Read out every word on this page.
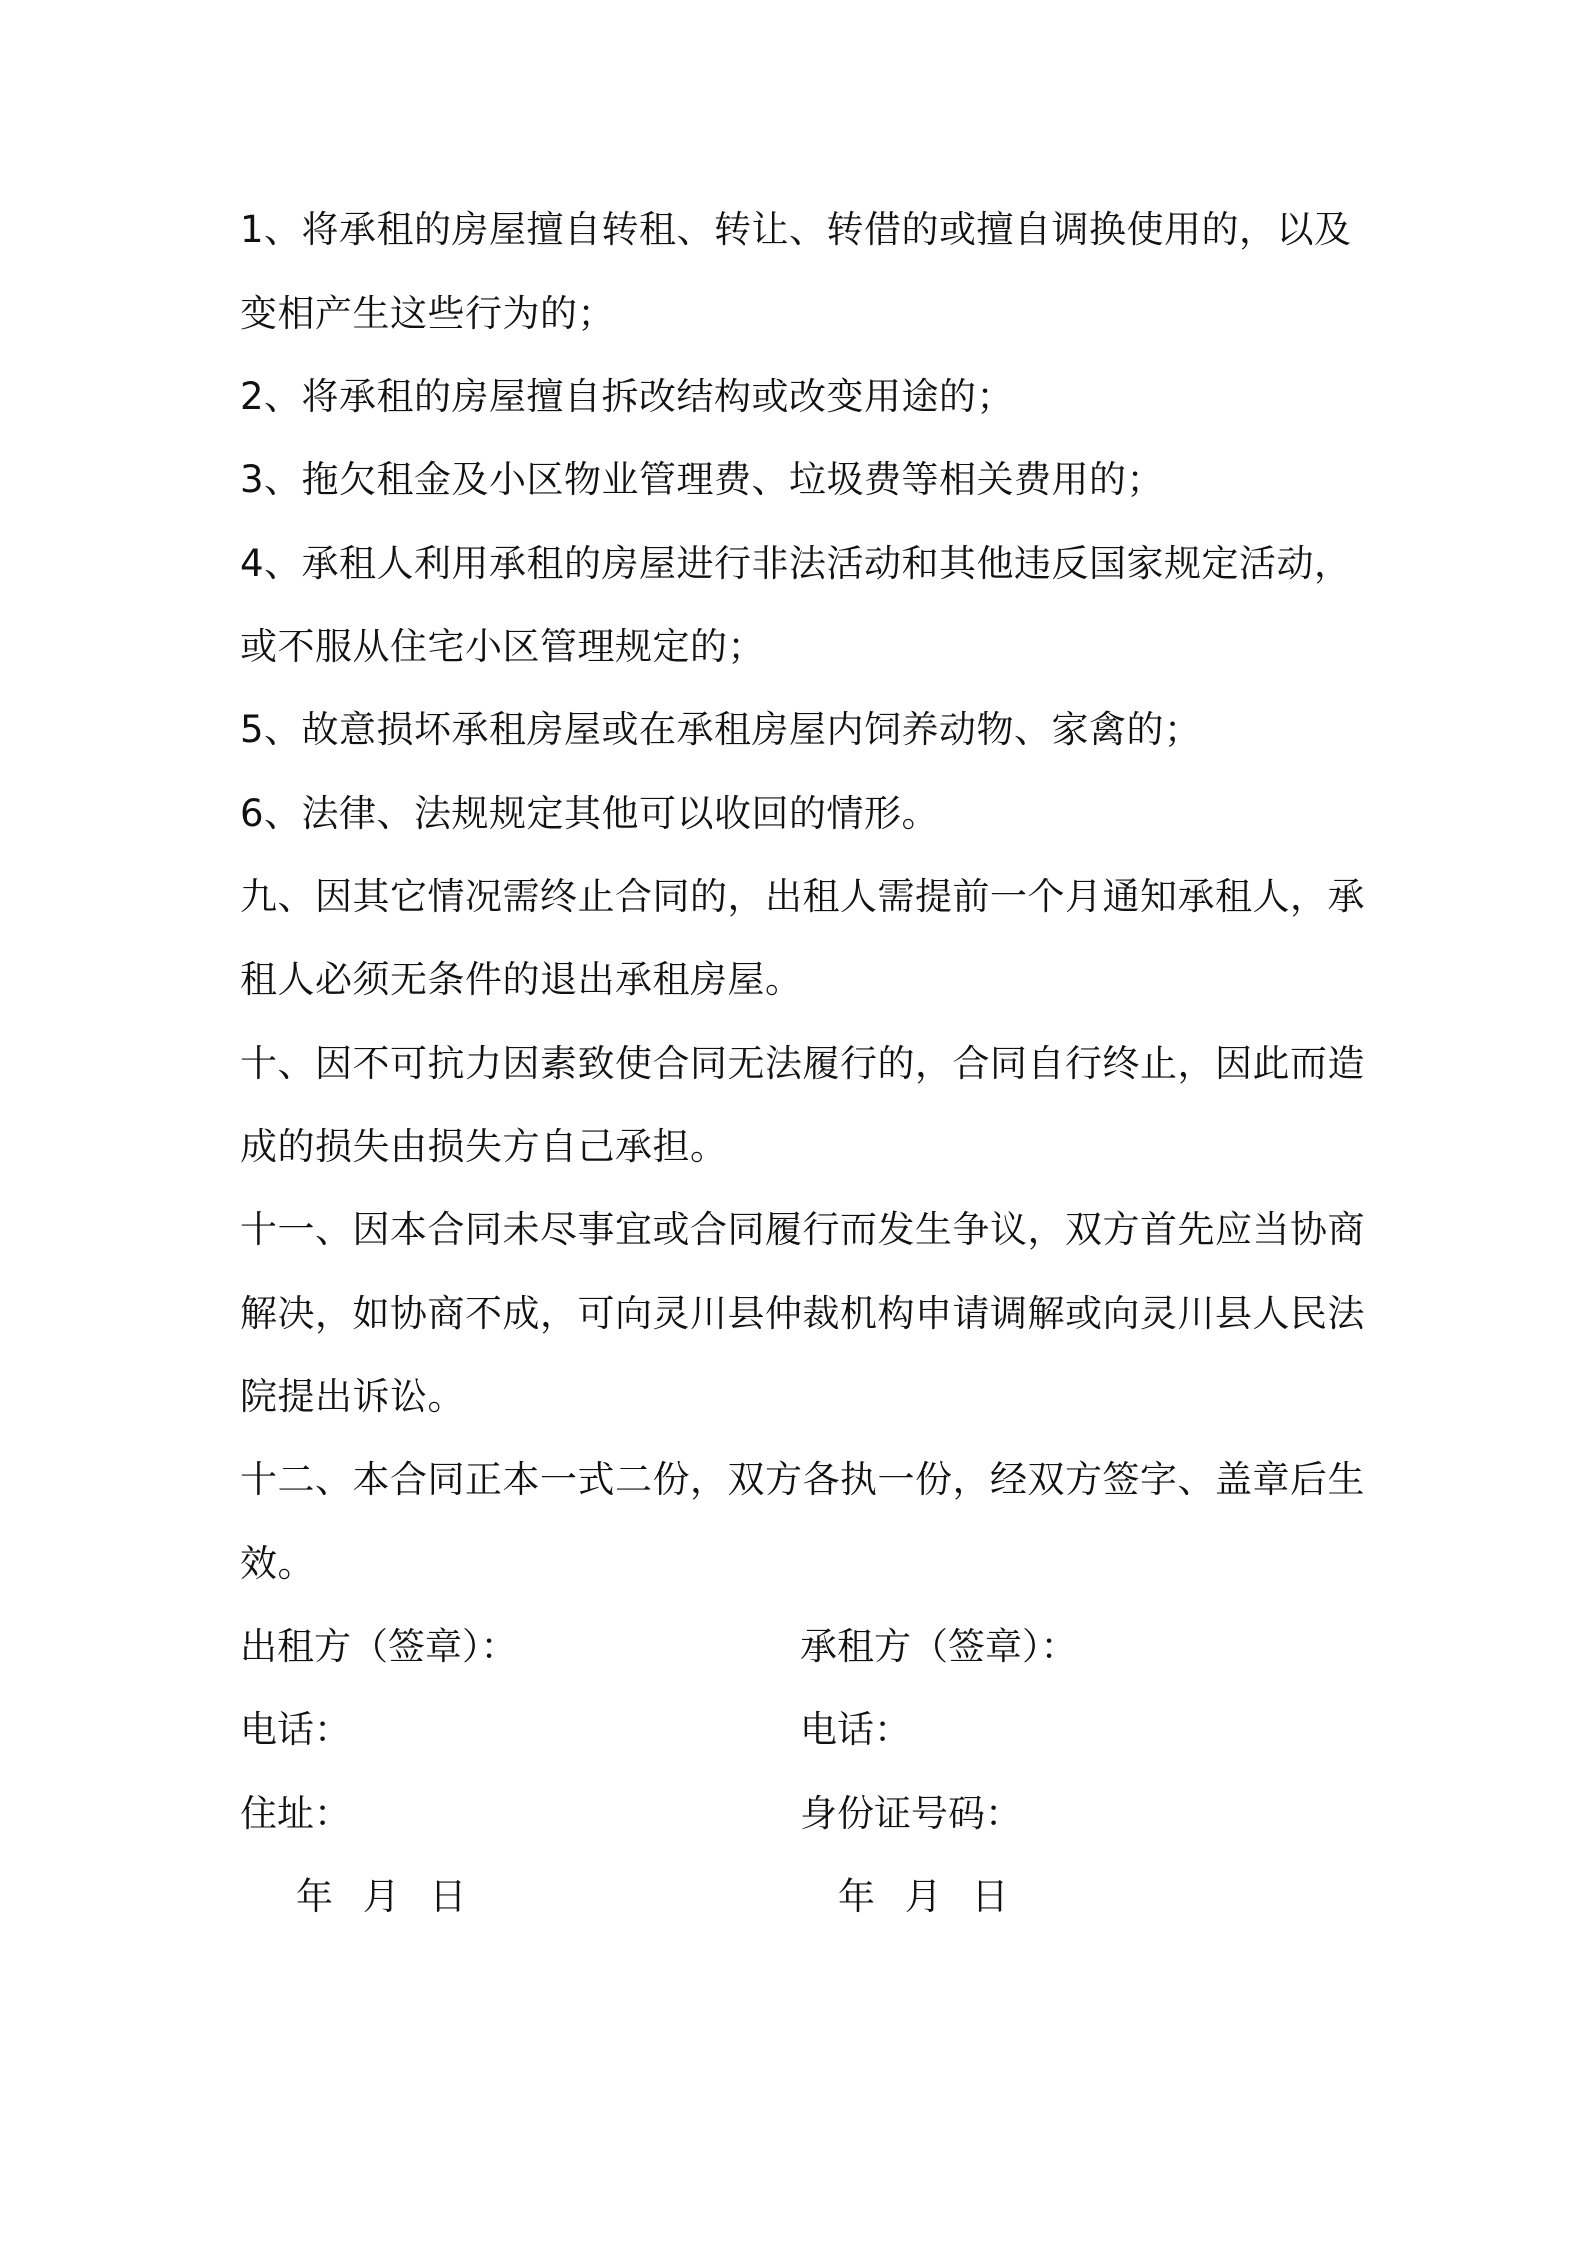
1、将承租的房屋擅自转租、转让、转借的或擅自调换使用的，以及
变相产生这些行为的；
2、将承租的房屋擅自拆改结构或改变用途的；
3、拖欠租金及小区物业管理费、垃圾费等相关费用的；
4、承租人利用承租的房屋进行非法活动和其他违反国家规定活动，
或不服从住宅小区管理规定的；
5、故意损坏承租房屋或在承租房屋内饲养动物、家禽的；
6、法律、法规规定其他可以收回的情形。
九、因其它情况需终止合同的，出租人需提前一个月通知承租人，承
租人必须无条件的退出承租房屋。
十、因不可抗力因素致使合同无法履行的，合同自行终止，因此而造
成的损失由损失方自己承担。
十一、因本合同未尽事宜或合同履行而发生争议，双方首先应当协商
解决，如协商不成，可向灵川县仲裁机构申请调解或向灵川县人民法
院提出诉讼。
十二、本合同正本一式二份，双方各执一份，经双方签字、盖章后生
效。
出租方（签章）：	承租方（签章）：
电话：	电话：
住址：	身份证号码：
年 月 日	年 月 日
